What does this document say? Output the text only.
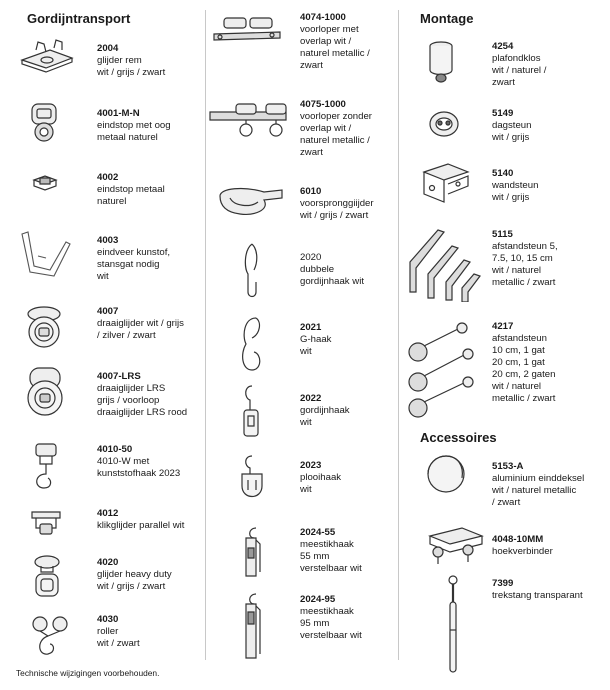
Gordijntransport	Montage
Accessoires
2004
glijder rem
wit / grijs / zwart
4001-M-N
eindstop met oog
metaal naturel
4002
eindstop metaal
naturel
4003
eindveer kunstof,
stansgat nodig
wit
4007
draaiglijder wit / grijs
/ zilver / zwart
4007-LRS
draaiglijder LRS
grijs / voorloop
draaiglijder LRS rood
4010-50
4010-W met
kunststofhaak 2023
4012
klikglijder parallel wit
4020
glijder heavy duty
wit / grijs / zwart
4030
roller
wit / zwart
4074-1000
voorloper met
overlap wit /
naturel metallic /
zwart
4075-1000
voorloper zonder
overlap wit /
naturel metallic /
zwart
6010
voorspronggiijder
wit / grijs / zwart
2020
dubbele
gordijnhaak wit
2021
G-haak
wit
2022
gordijnhaak
wit
2023
plooihaak
wit
2024-55
meestikhaak
55 mm
verstelbaar wit
2024-95
meestikhaak
95 mm
verstelbaar wit
4254
plafondklos
wit / naturel /
zwart
5149
dagsteun
wit / grijs
5140
wandsteun
wit / grijs
5115
afstandsteun 5,
7.5, 10, 15 cm
wit / naturel
metallic / zwart
4217
afstandsteun
10 cm, 1 gat
20 cm, 1 gat
20 cm, 2 gaten
wit / naturel
metallic / zwart
5153-A
aluminium einddeksel
wit / naturel metallic
/ zwart
4048-10MM
hoekverbinder
7399
trekstang transparant
Technische wijzigingen voorbehouden.
